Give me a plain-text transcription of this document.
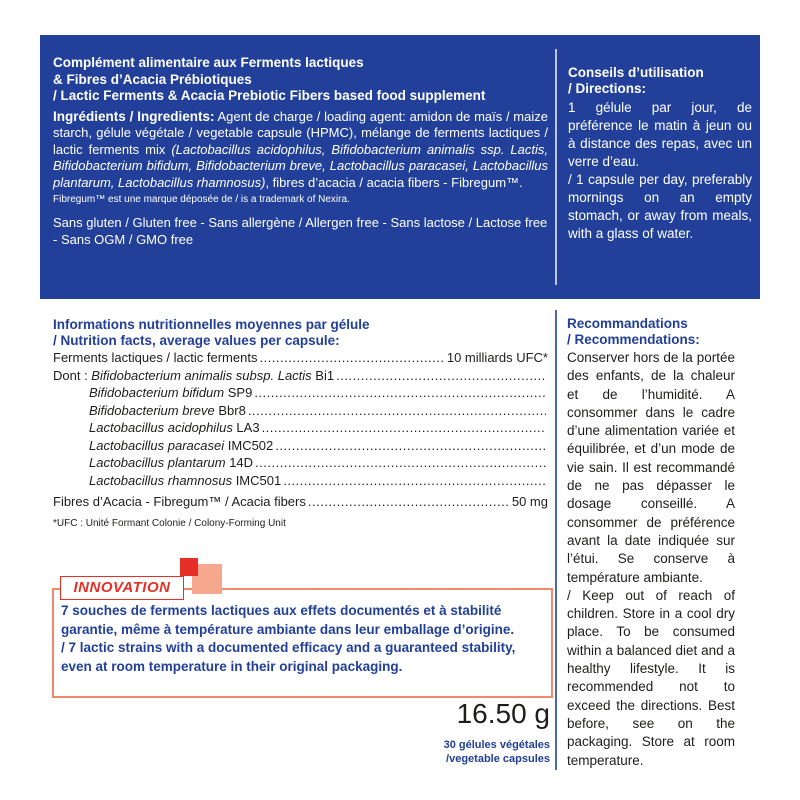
Complément alimentaire aux Ferments lactiques
& Fibres d’Acacia Prébiotiques
/ Lactic Ferments & Acacia Prebiotic Fibers based food supplement

Ingrédients / Ingredients: Agent de charge / loading agent: amidon de maïs / maize starch, gélule végétale / vegetable capsule (HPMC), mélange de ferments lactiques / lactic ferments mix (Lactobacillus acidophilus, Bifidobacterium animalis ssp. Lactis, Bifidobacterium bifidum, Bifidobacterium breve, Lactobacillus paracasei, Lactobacillus plantarum, Lactobacillus rhamnosus), fibres d’acacia / acacia fibers - Fibregum™.

Fibregum™ est une marque déposée de / is a trademark of Nexira.

Sans gluten / Gluten free - Sans allergène / Allergen free - Sans lactose / Lactose free - Sans OGM / GMO free

Conseils d’utilisation
/ Directions:

1 gélule par jour, de préférence le matin à jeun ou à distance des repas, avec un verre d’eau.

/ 1 capsule per day, preferably mornings on an empty stomach, or away from meals, with a glass of water.

Informations nutritionnelles moyennes par gélule
/ Nutrition facts, average values per capsule:
Ferments lactiques / lactic ferments .....	10 milliards UFC*
Dont : Bifidobacterium animalis subsp. Lactis Bi1
.....
Bifidobacterium bifidum SP9
.....
Bifidobacterium breve Bbr8
.....
Lactobacillus acidophilus LA3
.....
Lactobacillus paracasei IMC502
.....
Lactobacillus plantarum 14D
.....
Lactobacillus rhamnosus IMC501
.....
Fibres d’Acacia - Fibregum™ / Acacia fibers .....	50 mg
*UFC : Unité Formant Colonie / Colony-Forming Unit
Recommandations
/ Recommendations:

Conserver hors de la portée des enfants, de la chaleur et de l’humidité. A consommer dans le cadre d’une alimentation variée et équilibrée, et d’un mode de vie sain. Il est recommandé de ne pas dépasser le dosage conseillé. A consommer de préférence avant la date indiquée sur l’étui. Se conserve à température ambiante.

/ Keep out of reach of children. Store in a cool dry place. To be consumed within a balanced diet and a healthy lifestyle. It is recommended not to exceed the directions. Best before, see on the packaging. Store at room temperature.

INNOVATION
7 souches de ferments lactiques aux effets documentés et à stabilité garantie, même à température ambiante dans leur emballage d’origine.
/ 7 lactic strains with a documented efficacy and a guaranteed stability, even at room temperature in their original packaging.
16.50 g
30 gélules végétales
/vegetable capsules
